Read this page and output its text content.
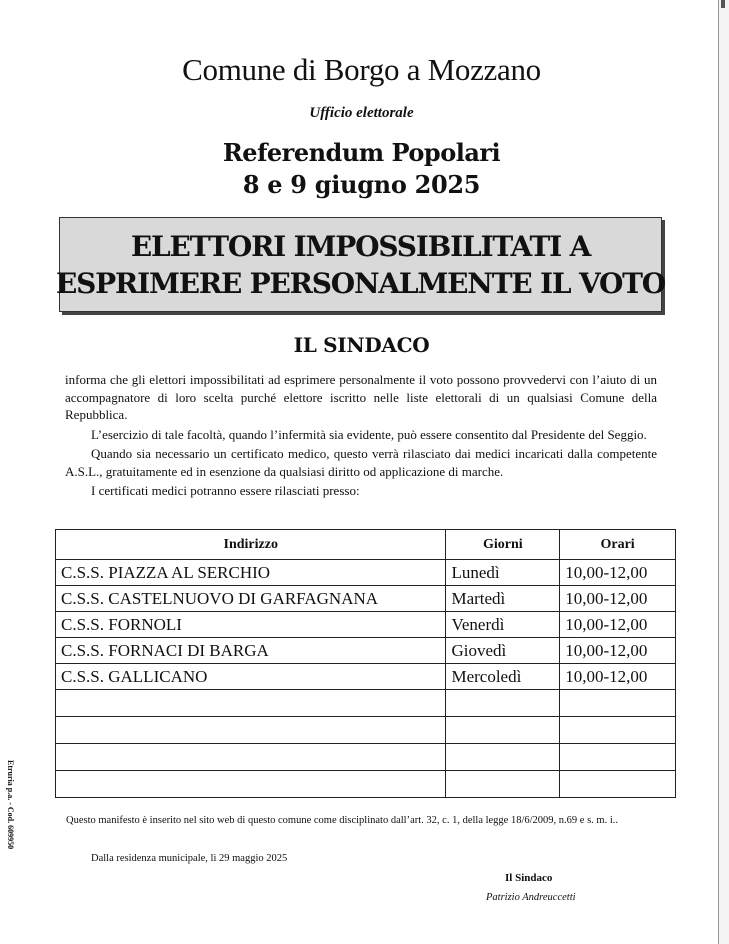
Comune di Borgo a Mozzano
Ufficio elettorale
Referendum Popolari
8 e 9 giugno 2025
ELETTORI IMPOSSIBILITATI A
ESPRIMERE PERSONALMENTE IL VOTO
IL SINDACO

informa che gli elettori impossibilitati ad esprimere personalmente il voto possono provvedervi con l’aiuto di un accompagnatore di loro scelta purché elettore iscritto nelle liste elettorali di un qualsiasi Comune della Repubblica.

L’esercizio di tale facoltà, quando l’infermità sia evidente, può essere consentito dal Presidente del Seggio.

Quando sia necessario un certificato medico, questo verrà rilasciato dai medici incaricati dalla competente A.S.L., gratuitamente ed in esenzione da qualsiasi diritto od applicazione di marche.

I certificati medici potranno essere rilasciati presso:

Indirizzo	Giorni	Orari
C.S.S. PIAZZA AL SERCHIO	Lunedì	10,00-12,00
C.S.S. CASTELNUOVO DI GARFAGNANA	Martedì	10,00-12,00
C.S.S. FORNOLI	Venerdì	10,00-12,00
C.S.S. FORNACI DI BARGA	Giovedì	10,00-12,00
C.S.S. GALLICANO	Mercoledì	10,00-12,00

Etruria p.a. - Cod. 609950	Questo manifesto è inserito nel sito web di questo comune come disciplinato dall’art. 32, c. 1, della legge 18/6/2009, n.69 e s. m. i..
Dalla residenza municipale, lì 29 maggio 2025
Il Sindaco
Patrizio Andreuccetti
